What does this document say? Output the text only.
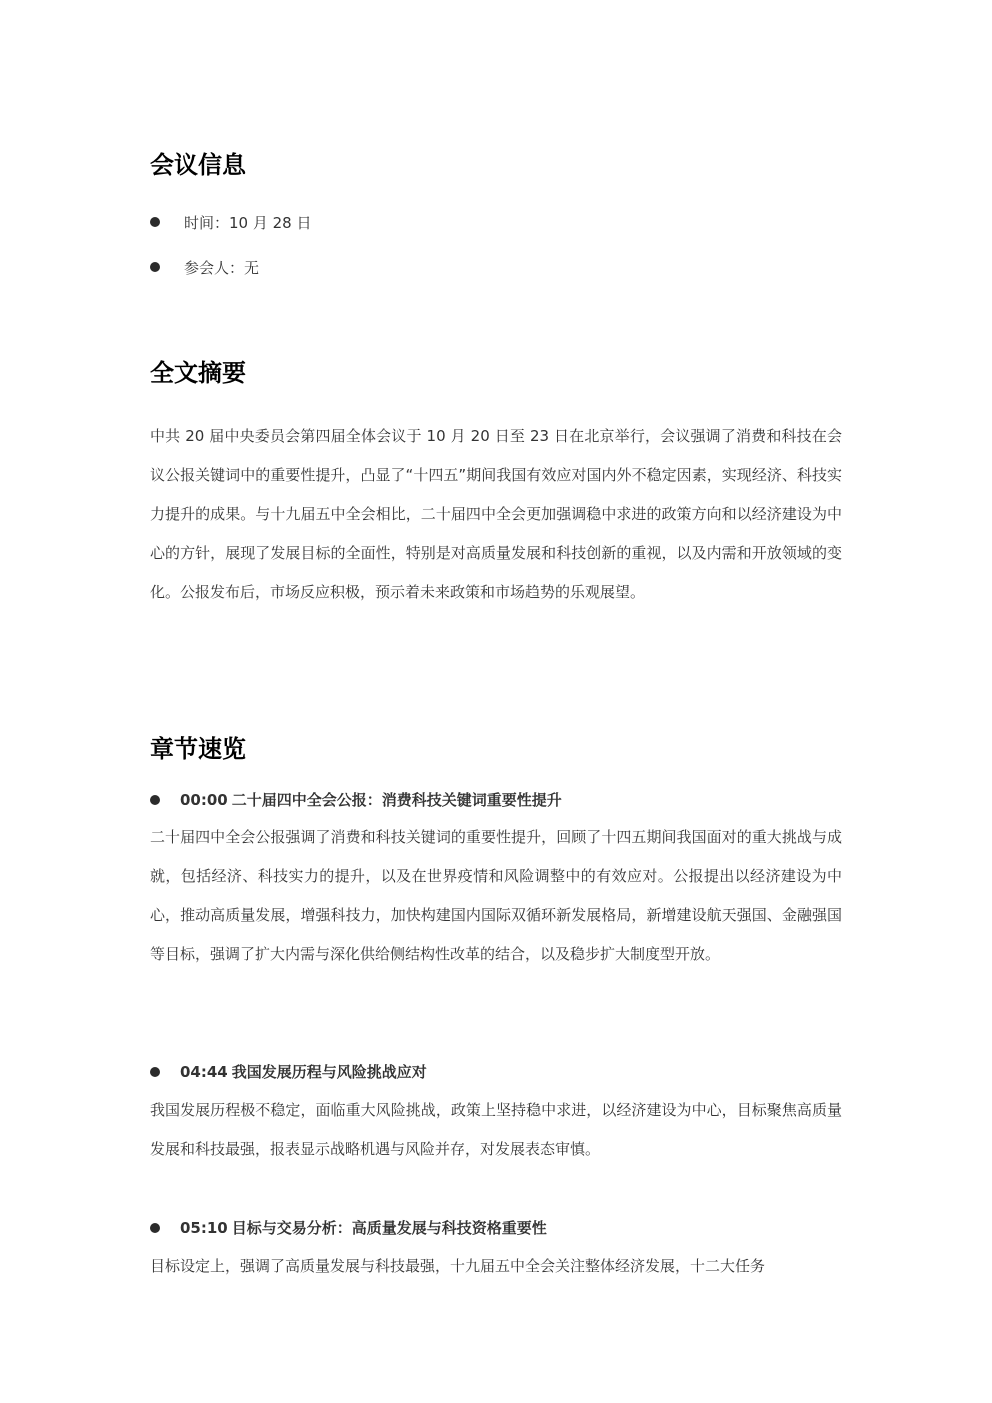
会议信息
时间：10 月 28 日
参会人：无
全文摘要

中共 20 届中央委员会第四届全体会议于 10 月 20 日至 23 日在北京举行，会议强调了消费和科技在会议公报关键词中的重要性提升，凸显了“十四五”期间我国有效应对国内外不稳定因素，实现经济、科技实力提升的成果。与十九届五中全会相比，二十届四中全会更加强调稳中求进的政策方向和以经济建设为中心的方针，展现了发展目标的全面性，特别是对高质量发展和科技创新的重视，以及内需和开放领域的变化。公报发布后，市场反应积极，预示着未来政策和市场趋势的乐观展望。

章节速览
00:00 二十届四中全会公报：消费科技关键词重要性提升

二十届四中全会公报强调了消费和科技关键词的重要性提升，回顾了十四五期间我国面对的重大挑战与成就，包括经济、科技实力的提升，以及在世界疫情和风险调整中的有效应对。公报提出以经济建设为中心，推动高质量发展，增强科技力，加快构建国内国际双循环新发展格局，新增建设航天强国、金融强国等目标，强调了扩大内需与深化供给侧结构性改革的结合，以及稳步扩大制度型开放。

04:44 我国发展历程与风险挑战应对

我国发展历程极不稳定，面临重大风险挑战，政策上坚持稳中求进，以经济建设为中心，目标聚焦高质量发展和科技最强，报表显示战略机遇与风险并存，对发展表态审慎。

05:10 目标与交易分析：高质量发展与科技资格重要性

目标设定上，强调了高质量发展与科技最强，十九届五中全会关注整体经济发展，十二大任务
